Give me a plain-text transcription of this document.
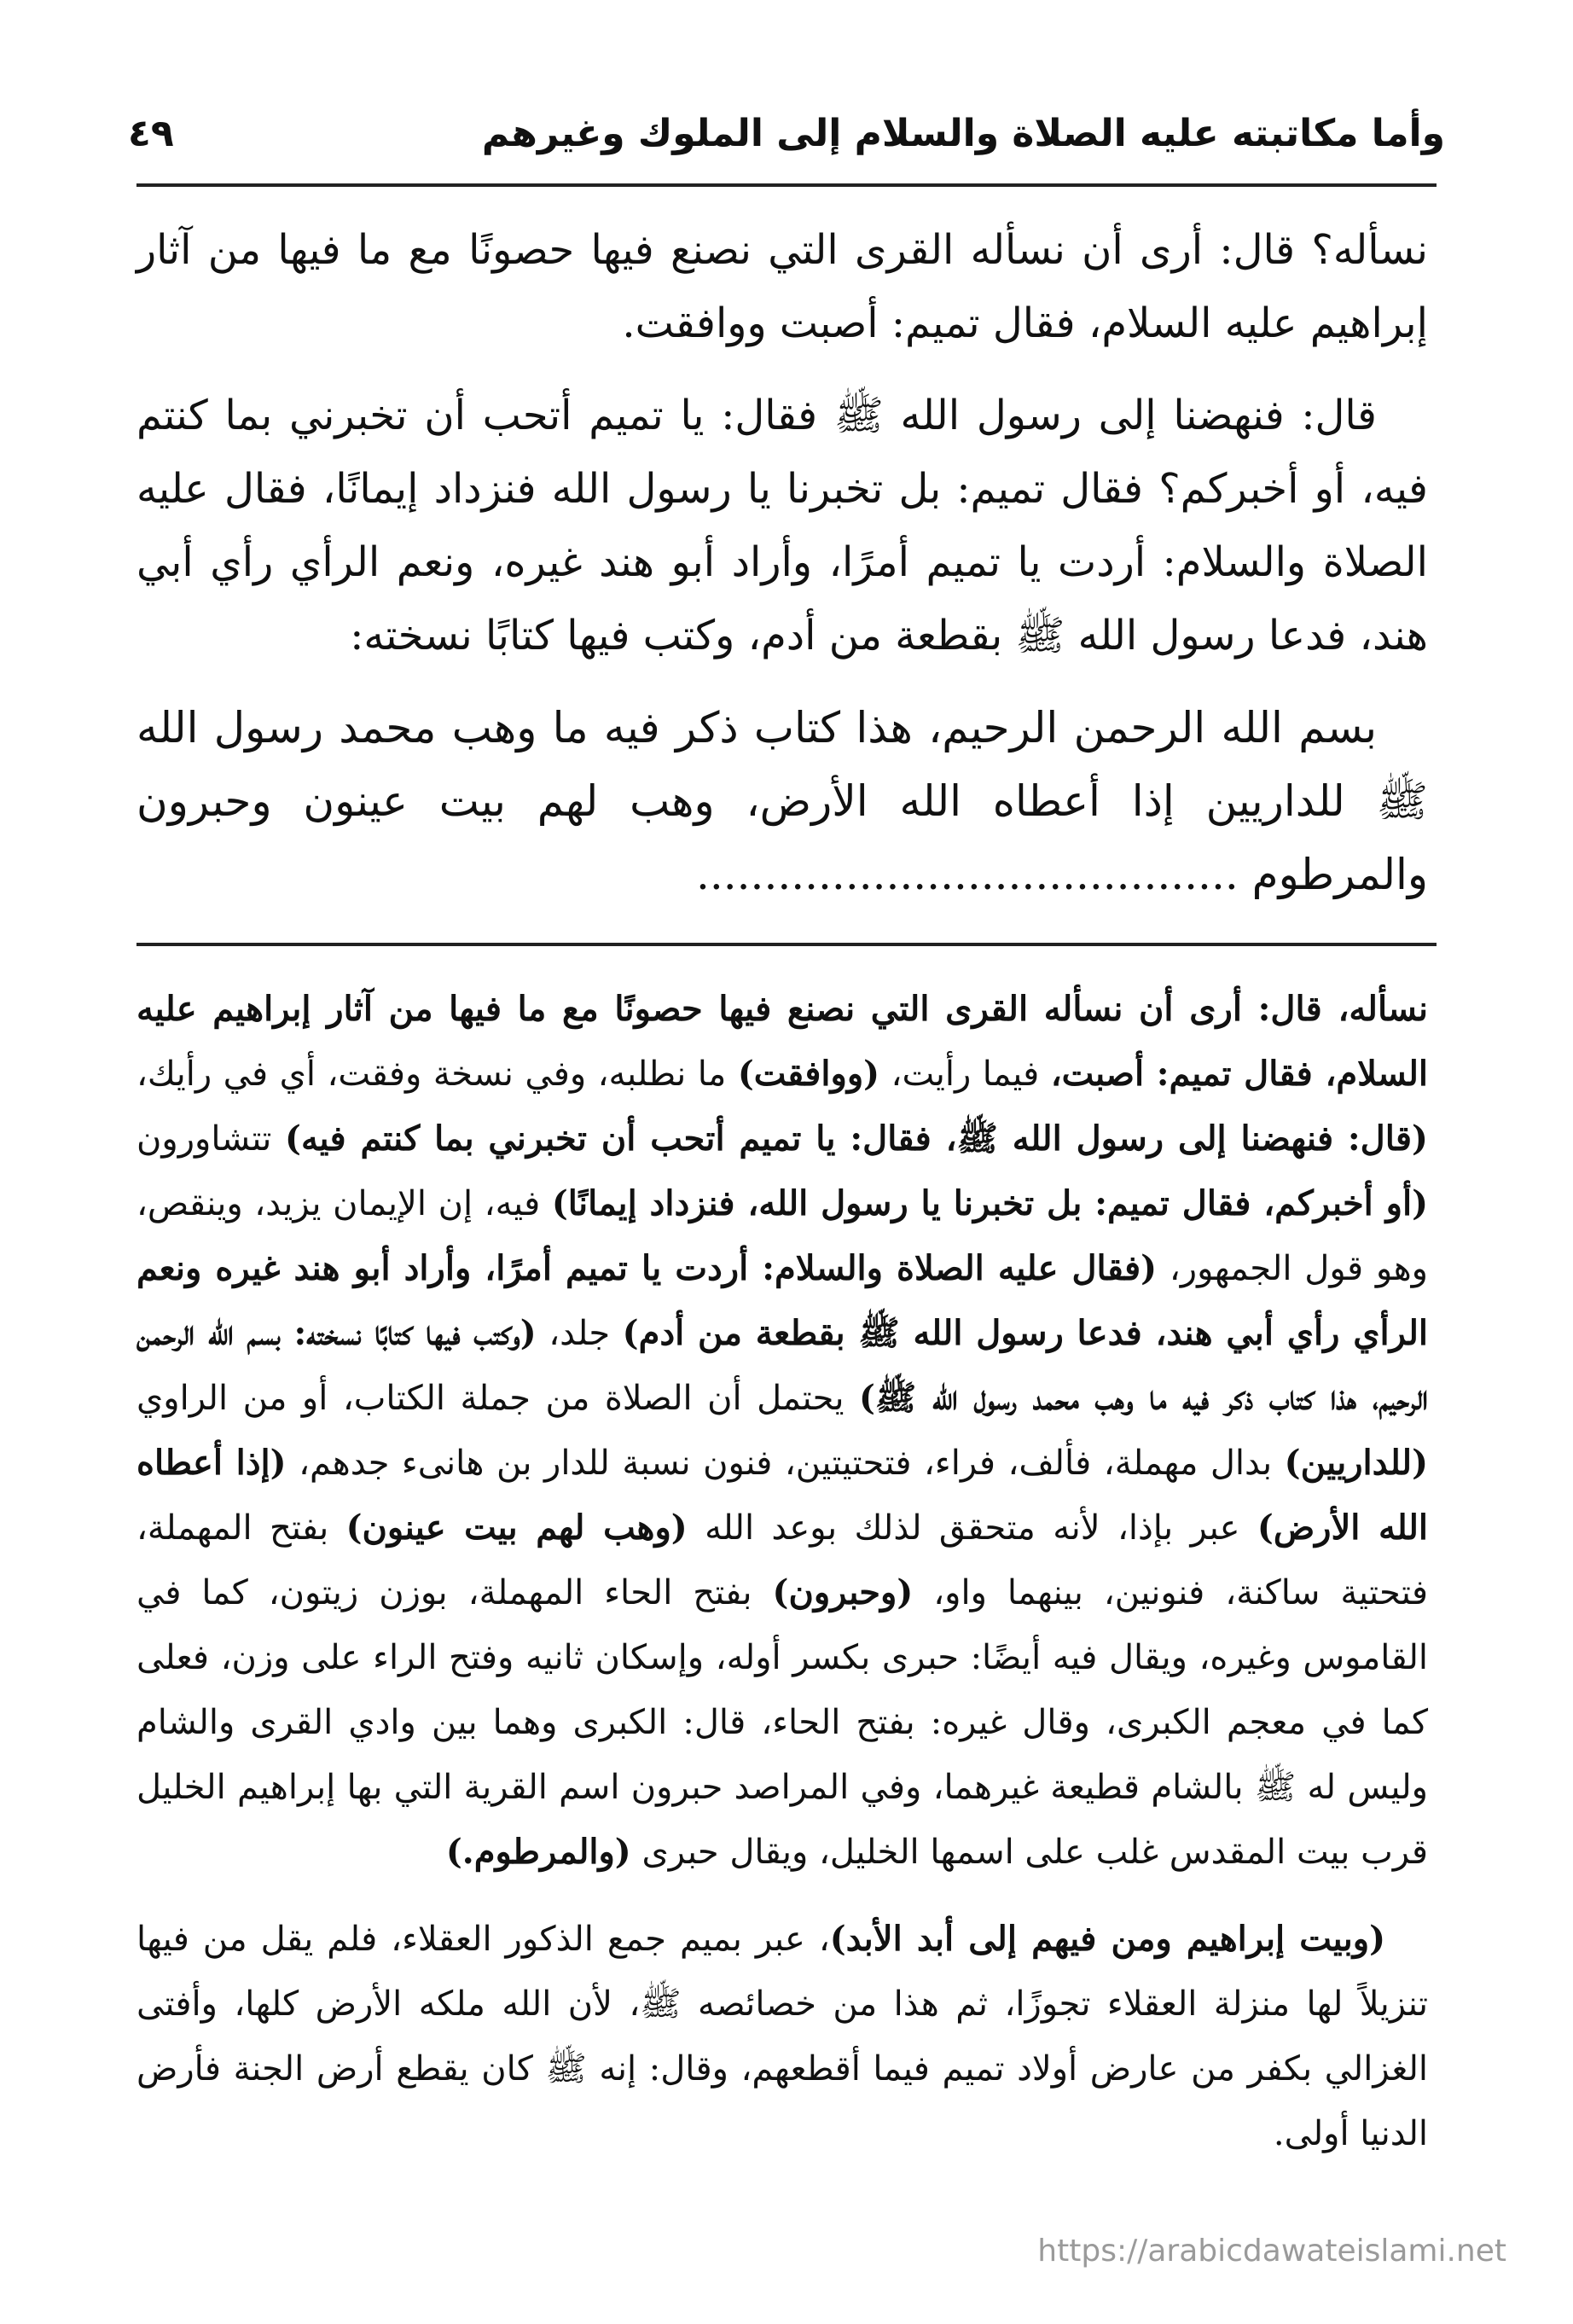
وأما مكاتبته عليه الصلاة والسلام إلى الملوك وغيرهم
٤٩

نسأله؟ قال: أرى أن نسأله القرى التي نصنع فيها حصونًا مع ما فيها من آثار إبراهيم عليه السلام، فقال تميم: أصبت ووافقت.

قال: فنهضنا إلى رسول الله ﷺ فقال: يا تميم أتحب أن تخبرني بما كنتم فيه، أو أخبركم؟ فقال تميم: بل تخبرنا يا رسول الله فنزداد إيمانًا، فقال عليه الصلاة والسلام: أردت يا تميم أمرًا، وأراد أبو هند غيره، ونعم الرأي رأي أبي هند، فدعا رسول الله ﷺ بقطعة من أدم، وكتب فيها كتابًا نسخته:

بسم الله الرحمن الرحيم، هذا كتاب ذكر فيه ما وهب محمد رسول الله ﷺ للداريين إذا أعطاه الله الأرض، وهب لهم بيت عينون وحبرون والمرطوم ........................................

نسأله، قال: أرى أن نسأله القرى التي نصنع فيها حصونًا مع ما فيها من آثار إبراهيم عليه السلام، فقال تميم: أصبت، فيما رأيت، (ووافقت) ما نطلبه، وفي نسخة وفقت، أي في رأيك، (قال: فنهضنا إلى رسول الله ﷺ، فقال: يا تميم أتحب أن تخبرني بما كنتم فيه) تتشاورون (أو أخبركم، فقال تميم: بل تخبرنا يا رسول الله، فنزداد إيمانًا) فيه، إن الإيمان يزيد، وينقص، وهو قول الجمهور، (فقال عليه الصلاة والسلام: أردت يا تميم أمرًا، وأراد أبو هند غيره ونعم الرأي رأي أبي هند، فدعا رسول الله ﷺ بقطعة من أدم) جلد، (وكتب فيها كتابًا نسخته: بسم الله الرحمن الرحيم، هذا كتاب ذكر فيه ما وهب محمد رسول الله ﷺ) يحتمل أن الصلاة من جملة الكتاب، أو من الراوي (للداريين) بدال مهملة، فألف، فراء، فتحتيتين، فنون نسبة للدار بن هانىء جدهم، (إذا أعطاه الله الأرض) عبر بإذا، لأنه متحقق لذلك بوعد الله (وهب لهم بيت عينون) بفتح المهملة، فتحتية ساكنة، فنونين، بينهما واو، (وحبرون) بفتح الحاء المهملة، بوزن زيتون، كما في القاموس وغيره، ويقال فيه أيضًا: حبرى بكسر أوله، وإسكان ثانيه وفتح الراء على وزن، فعلى كما في معجم الكبرى، وقال غيره: بفتح الحاء، قال: الكبرى وهما بين وادي القرى والشام وليس له ﷺ بالشام قطيعة غيرهما، وفي المراصد حبرون اسم القرية التي بها إبراهيم الخليل قرب بيت المقدس غلب على اسمها الخليل، ويقال حبرى (والمرطوم.)

(وبيت إبراهيم ومن فيهم إلى أبد الأبد)، عبر بميم جمع الذكور العقلاء، فلم يقل من فيها تنزيلاً لها منزلة العقلاء تجوزًا، ثم هذا من خصائصه ﷺ، لأن الله ملكه الأرض كلها، وأفتى الغزالي بكفر من عارض أولاد تميم فيما أقطعهم، وقال: إنه ﷺ كان يقطع أرض الجنة فأرض الدنيا أولى.

https://arabicdawateislami.net
